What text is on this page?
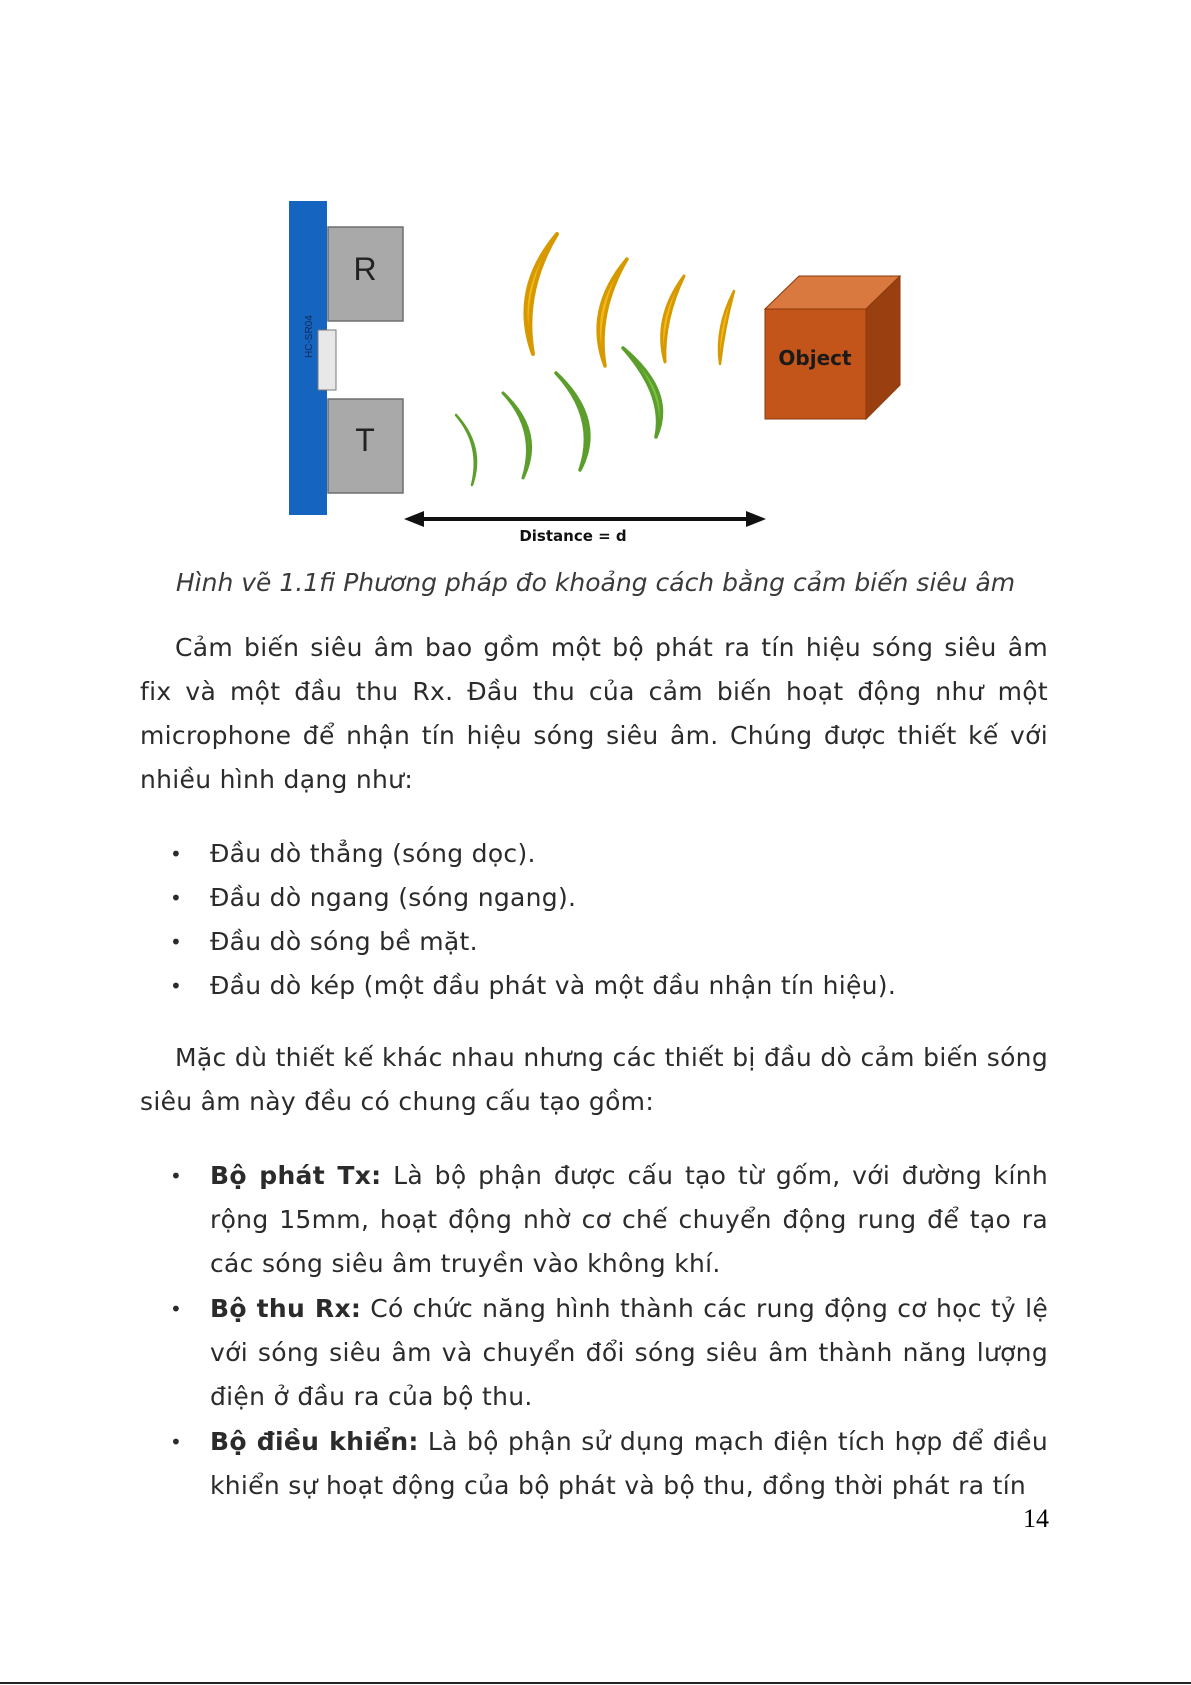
HC-SR04
R
T
Object
Distance = d
Hình vẽ 1.1fi Phương pháp đo khoảng cách bằng cảm biến siêu âm

Cảm biến siêu âm bao gồm một bộ phát ra tín hiệu sóng siêu âm fix và một đầu thu Rx. Đầu thu của cảm biến hoạt động như một microphone để nhận tín hiệu sóng siêu âm. Chúng được thiết kế với nhiều hình dạng như:

• Đầu dò thẳng (sóng dọc).
• Đầu dò ngang (sóng ngang).
• Đầu dò sóng bề mặt.
• Đầu dò kép (một đầu phát và một đầu nhận tín hiệu).

Mặc dù thiết kế khác nhau nhưng các thiết bị đầu dò cảm biến sóng siêu âm này đều có chung cấu tạo gồm:

• Bộ phát Tx: Là bộ phận được cấu tạo từ gốm, với đường kính rộng 15mm, hoạt động nhờ cơ chế chuyển động rung để tạo ra các sóng siêu âm truyền vào không khí.
• Bộ thu Rx: Có chức năng hình thành các rung động cơ học tỷ lệ với sóng siêu âm và chuyển đổi sóng siêu âm thành năng lượng điện ở đầu ra của bộ thu.
• Bộ điều khiển: Là bộ phận sử dụng mạch điện tích hợp để điều khiển sự hoạt động của bộ phát và bộ thu, đồng thời phát ra tín
14
